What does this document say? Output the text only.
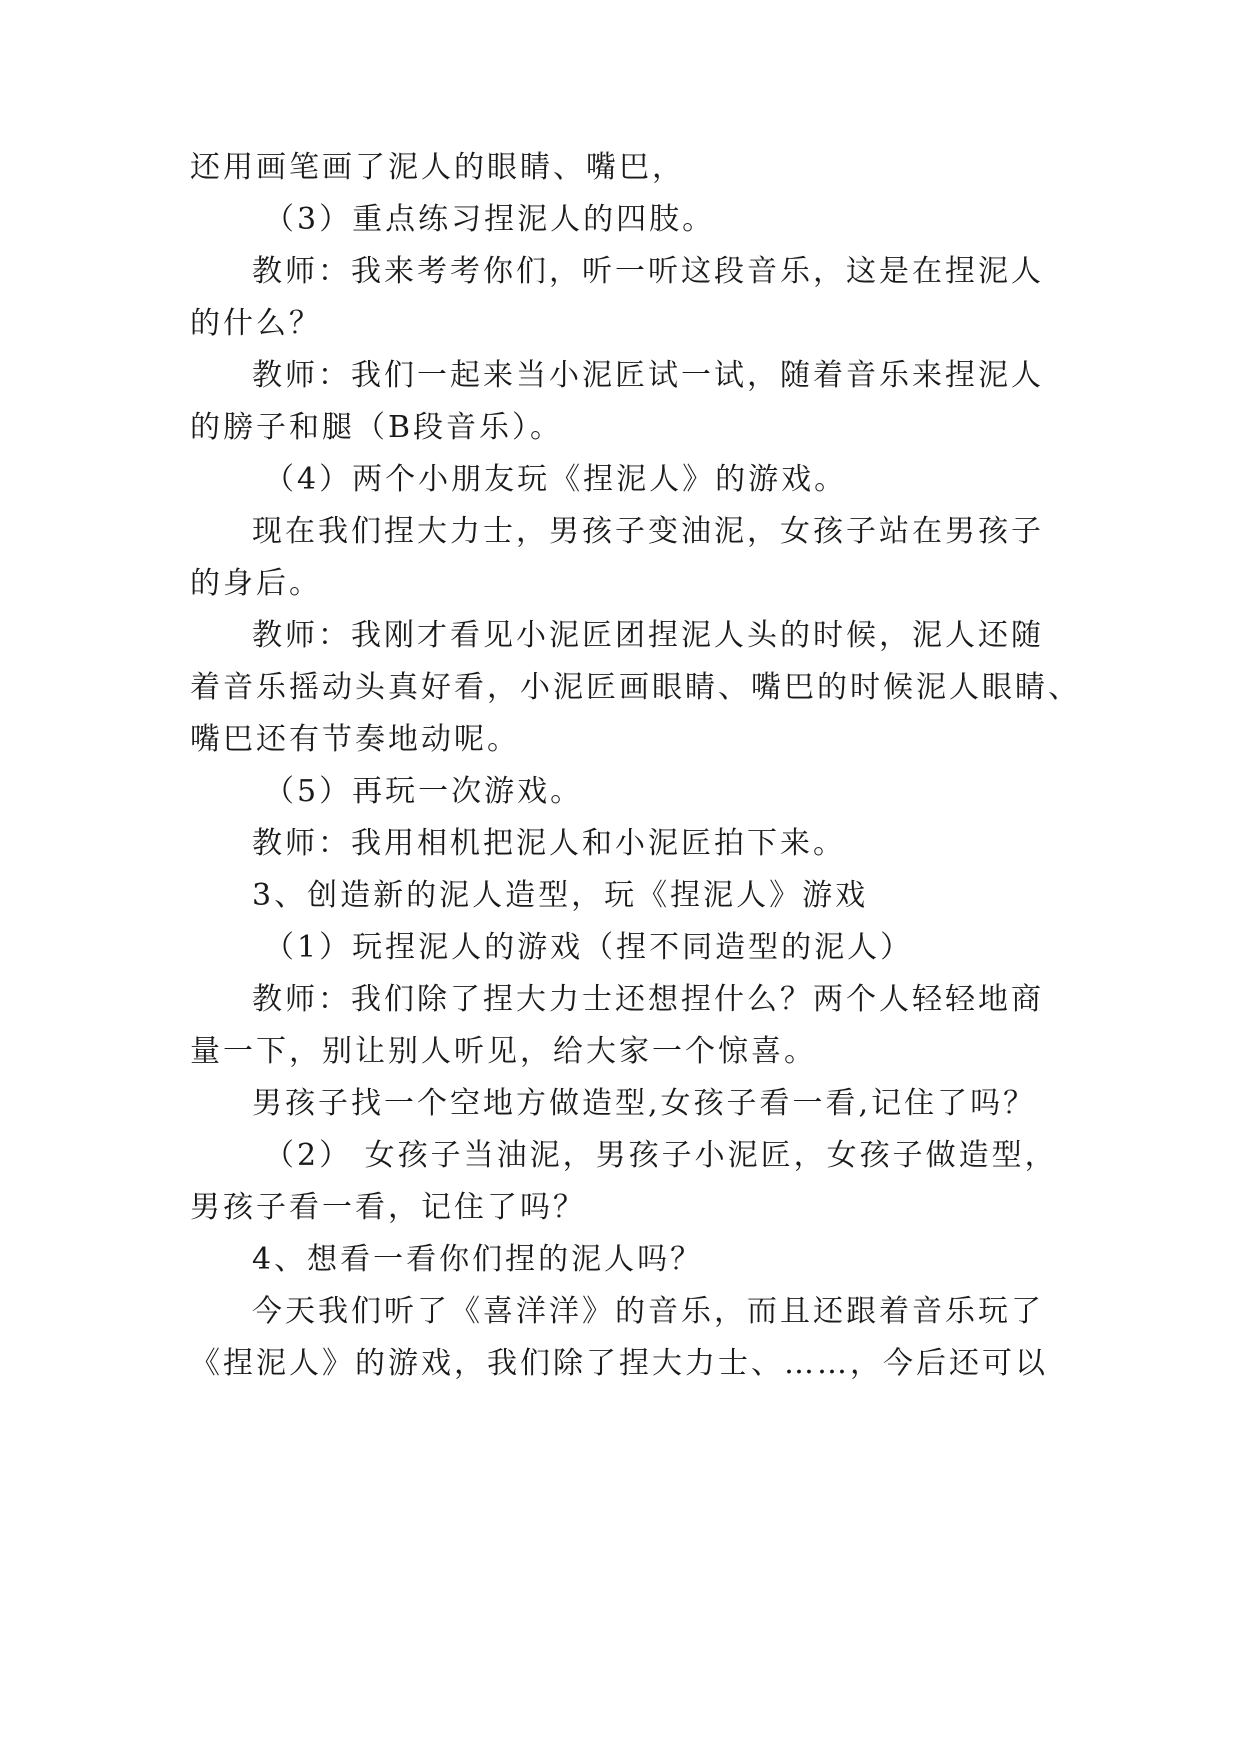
还用画笔画了泥人的眼睛、嘴巴，
（3）重点练习捏泥人的四肢。
教师：我来考考你们，听一听这段音乐，这是在捏泥人
的什么？
教师：我们一起来当小泥匠试一试，随着音乐来捏泥人
的膀子和腿（B段音乐）。
（4）两个小朋友玩《捏泥人》的游戏。
现在我们捏大力士，男孩子变油泥，女孩子站在男孩子
的身后。
教师：我刚才看见小泥匠团捏泥人头的时候，泥人还随
着音乐摇动头真好看，小泥匠画眼睛、嘴巴的时候泥人眼睛、
嘴巴还有节奏地动呢。
（5）再玩一次游戏。
教师：我用相机把泥人和小泥匠拍下来。
3、创造新的泥人造型，玩《捏泥人》游戏
（1）玩捏泥人的游戏（捏不同造型的泥人）
教师：我们除了捏大力士还想捏什么？两个人轻轻地商
量一下，别让别人听见，给大家一个惊喜。
男孩子找一个空地方做造型,女孩子看一看,记住了吗？
（2） 女孩子当油泥，男孩子小泥匠，女孩子做造型，
男孩子看一看，记住了吗？
4、想看一看你们捏的泥人吗？
今天我们听了《喜洋洋》的音乐，而且还跟着音乐玩了
《捏泥人》的游戏，我们除了捏大力士、……，今后还可以
